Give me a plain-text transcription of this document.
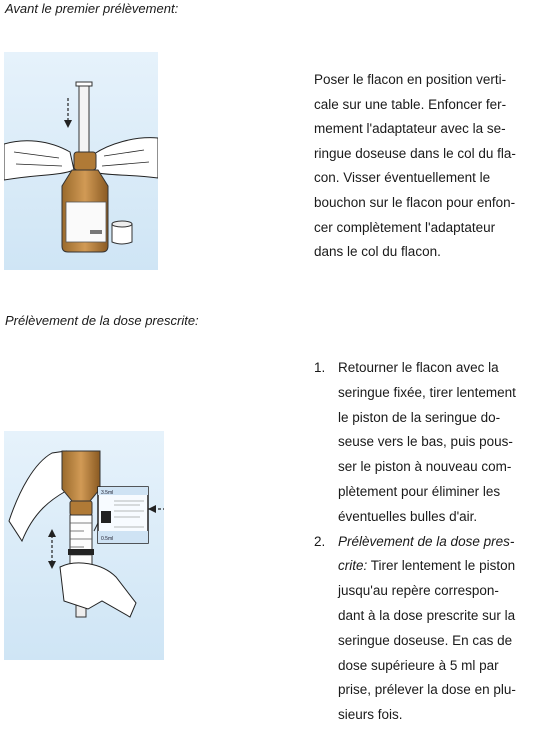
Avant le premier prélèvement:

Poser le flacon en position verti-
cale sur une table. Enfoncer fer-
mement l'adaptateur avec la se-
ringue doseuse dans le col du fla-
con. Visser éventuellement le
bouchon sur le flacon pour enfon-
cer complètement l'adaptateur
dans le col du flacon.

Prélèvement de la dose prescrite:
3.5ml
0.5ml
1. Retourner le flacon avec la
seringue fixée, tirer lentement
le piston de la seringue do-
seuse vers le bas, puis pous-
ser le piston à nouveau com-
plètement pour éliminer les
éventuelles bulles d'air.
2. Prélèvement de la dose pres-
crite: Tirer lentement le piston
jusqu'au repère correspon-
dant à la dose prescrite sur la
seringue doseuse. En cas de
dose supérieure à 5 ml par
prise, prélever la dose en plu-
sieurs fois.
